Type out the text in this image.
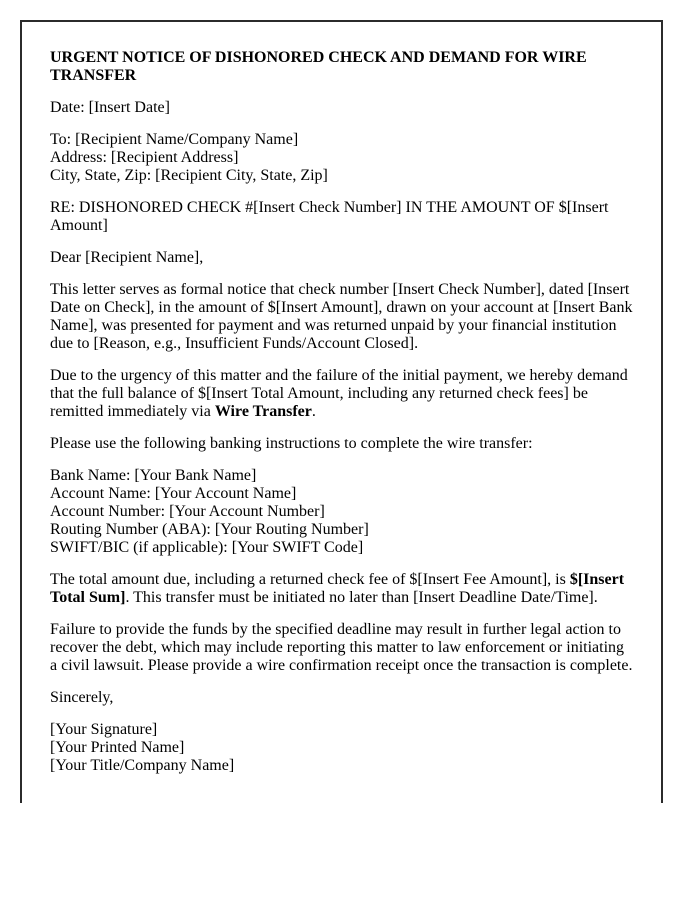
URGENT NOTICE OF DISHONORED CHECK AND DEMAND FOR WIRE TRANSFER

Date: [Insert Date]

To: [Recipient Name/Company Name]
Address: [Recipient Address]
City, State, Zip: [Recipient City, State, Zip]

RE: DISHONORED CHECK #[Insert Check Number] IN THE AMOUNT OF $[Insert Amount]

Dear [Recipient Name],

This letter serves as formal notice that check number [Insert Check Number], dated [Insert Date on Check], in the amount of $[Insert Amount], drawn on your account at [Insert Bank Name], was presented for payment and was returned unpaid by your financial institution due to [Reason, e.g., Insufficient Funds/Account Closed].

Due to the urgency of this matter and the failure of the initial payment, we hereby demand that the full balance of $[Insert Total Amount, including any returned check fees] be remitted immediately via Wire Transfer.

Please use the following banking instructions to complete the wire transfer:

Bank Name: [Your Bank Name]
Account Name: [Your Account Name]
Account Number: [Your Account Number]
Routing Number (ABA): [Your Routing Number]
SWIFT/BIC (if applicable): [Your SWIFT Code]

The total amount due, including a returned check fee of $[Insert Fee Amount], is $[Insert Total Sum]. This transfer must be initiated no later than [Insert Deadline Date/Time].

Failure to provide the funds by the specified deadline may result in further legal action to recover the debt, which may include reporting this matter to law enforcement or initiating a civil lawsuit. Please provide a wire confirmation receipt once the transaction is complete.

Sincerely,

[Your Signature]
[Your Printed Name]
[Your Title/Company Name]
